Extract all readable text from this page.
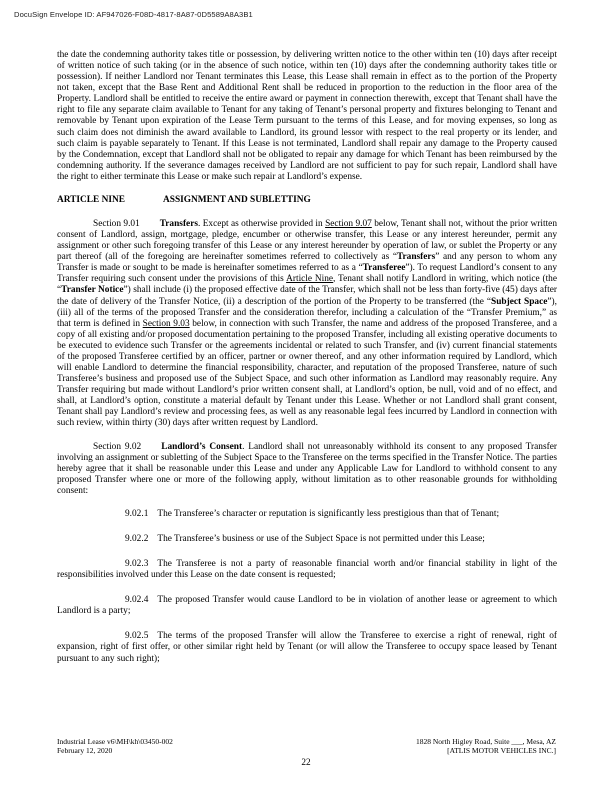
DocuSign Envelope ID: AF947026-F08D-4817-8A87-0D5589A8A3B1

the date the condemning authority takes title or possession, by delivering written notice to the other within ten (10) days after receipt of written notice of such taking (or in the absence of such notice, within ten (10) days after the condemning authority takes title or possession). If neither Landlord nor Tenant terminates this Lease, this Lease shall remain in effect as to the portion of the Property not taken, except that the Base Rent and Additional Rent shall be reduced in proportion to the reduction in the floor area of the Property. Landlord shall be entitled to receive the entire award or payment in connection therewith, except that Tenant shall have the right to file any separate claim available to Tenant for any taking of Tenant’s personal property and fixtures belonging to Tenant and removable by Tenant upon expiration of the Lease Term pursuant to the terms of this Lease, and for moving expenses, so long as such claim does not diminish the award available to Landlord, its ground lessor with respect to the real property or its lender, and such claim is payable separately to Tenant. If this Lease is not terminated, Landlord shall repair any damage to the Property caused by the Condemnation, except that Landlord shall not be obligated to repair any damage for which Tenant has been reimbursed by the condemning authority. If the severance damages received by Landlord are not sufficient to pay for such repair, Landlord shall have the right to either terminate this Lease or make such repair at Landlord’s expense.

ARTICLE NINE	ASSIGNMENT AND SUBLETTING

Section 9.01 Transfers. Except as otherwise provided in Section 9.07 below, Tenant shall not, without the prior written consent of Landlord, assign, mortgage, pledge, encumber or otherwise transfer, this Lease or any interest hereunder, permit any assignment or other such foregoing transfer of this Lease or any interest hereunder by operation of law, or sublet the Property or any part thereof (all of the foregoing are hereinafter sometimes referred to collectively as “Transfers” and any person to whom any Transfer is made or sought to be made is hereinafter sometimes referred to as a “Transferee”). To request Landlord’s consent to any Transfer requiring such consent under the provisions of this Article Nine, Tenant shall notify Landlord in writing, which notice (the “Transfer Notice”) shall include (i) the proposed effective date of the Transfer, which shall not be less than forty-five (45) days after the date of delivery of the Transfer Notice, (ii) a description of the portion of the Property to be transferred (the “Subject Space”), (iii) all of the terms of the proposed Transfer and the consideration therefor, including a calculation of the “Transfer Premium,” as that term is defined in Section 9.03 below, in connection with such Transfer, the name and address of the proposed Transferee, and a copy of all existing and/or proposed documentation pertaining to the proposed Transfer, including all existing operative documents to be executed to evidence such Transfer or the agreements incidental or related to such Transfer, and (iv) current financial statements of the proposed Transferee certified by an officer, partner or owner thereof, and any other information required by Landlord, which will enable Landlord to determine the financial responsibility, character, and reputation of the proposed Transferee, nature of such Transferee’s business and proposed use of the Subject Space, and such other information as Landlord may reasonably require. Any Transfer requiring but made without Landlord’s prior written consent shall, at Landlord’s option, be null, void and of no effect, and shall, at Landlord’s option, constitute a material default by Tenant under this Lease. Whether or not Landlord shall grant consent, Tenant shall pay Landlord’s review and processing fees, as well as any reasonable legal fees incurred by Landlord in connection with such review, within thirty (30) days after written request by Landlord.

Section 9.02 Landlord’s Consent. Landlord shall not unreasonably withhold its consent to any proposed Transfer involving an assignment or subletting of the Subject Space to the Transferee on the terms specified in the Transfer Notice. The parties hereby agree that it shall be reasonable under this Lease and under any Applicable Law for Landlord to withhold consent to any proposed Transfer where one or more of the following apply, without limitation as to other reasonable grounds for withholding consent:

9.02.1 The Transferee’s character or reputation is significantly less prestigious than that of Tenant;

9.02.2 The Transferee’s business or use of the Subject Space is not permitted under this Lease;

9.02.3 The Transferee is not a party of reasonable financial worth and/or financial stability in light of the responsibilities involved under this Lease on the date consent is requested;

9.02.4 The proposed Transfer would cause Landlord to be in violation of another lease or agreement to which Landlord is a party;

9.02.5 The terms of the proposed Transfer will allow the Transferee to exercise a right of renewal, right of expansion, right of first offer, or other similar right held by Tenant (or will allow the Transferee to occupy space leased by Tenant pursuant to any such right);

Industrial Lease v6\MH\kh\03450-002
February 12, 2020
1828 North Higley Road, Suite ___, Mesa, AZ
[ATLIS MOTOR VEHICLES INC.]
22
